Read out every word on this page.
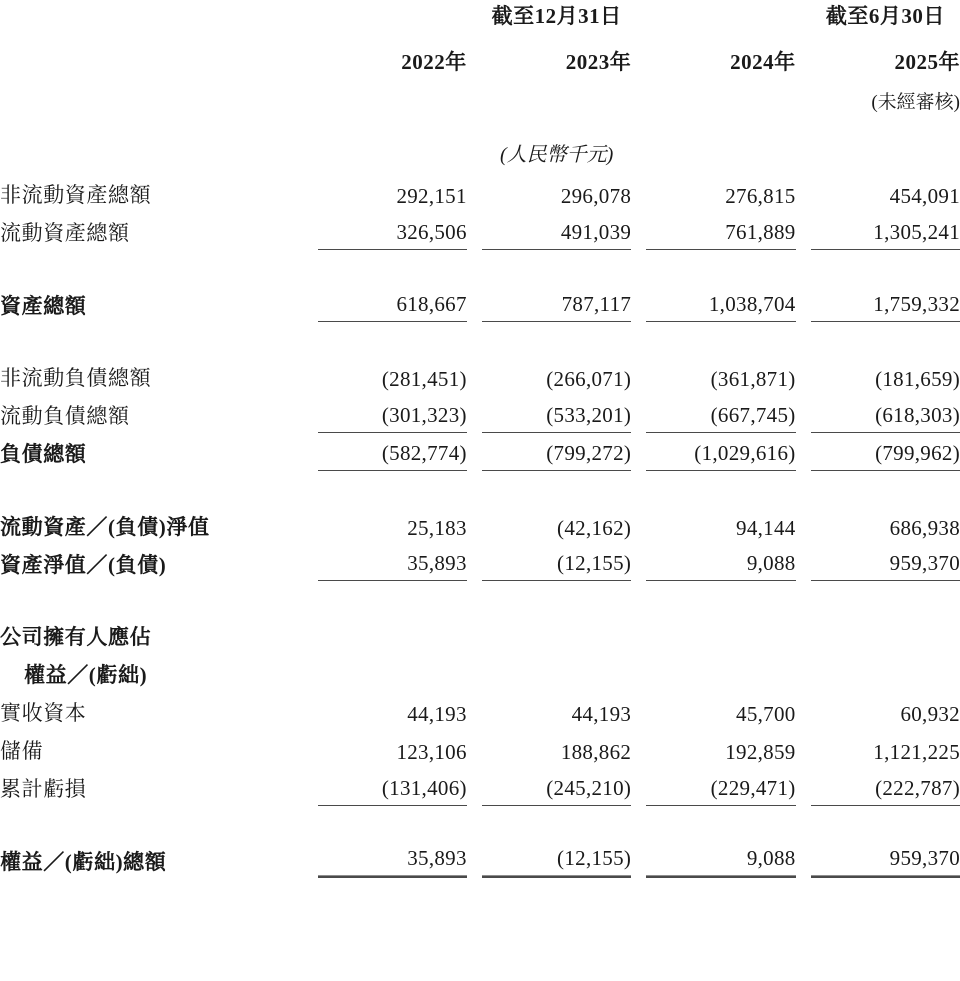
	截至12月31日						截至6月30日
	2022年		2023年		2024年		2025年
							(未經審核)
	(人民幣千元)						
非流動資產總額	292,151		296,078		276,815		454,091
流動資產總額	326,506		491,039		761,889		1,305,241

資產總額	618,667		787,117		1,038,704		1,759,332

非流動負債總額	(281,451)		(266,071)		(361,871)		(181,659)
流動負債總額	(301,323)		(533,201)		(667,745)		(618,303)
負債總額	(582,774)		(799,272)		(1,029,616)		(799,962)

流動資產／(負債)淨值	25,183		(42,162)		94,144		686,938
資產淨值／(負債)	35,893		(12,155)		9,088		959,370

公司擁有人應佔							
權益／(虧絀)							
實收資本	44,193		44,193		45,700		60,932
儲備	123,106		188,862		192,859		1,121,225
累計虧損	(131,406)		(245,210)		(229,471)		(222,787)

權益／(虧絀)總額	35,893		(12,155)		9,088		959,370
